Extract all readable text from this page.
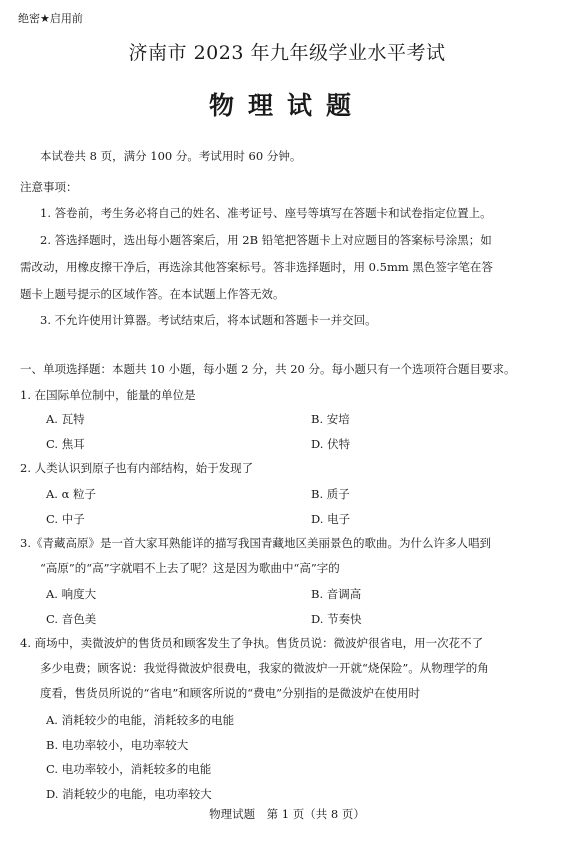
绝密★启用前
济南市 2023 年九年级学业水平考试
物理试题
本试卷共 8 页，满分 100 分。考试用时 60 分钟。
注意事项：
1. 答卷前，考生务必将自己的姓名、准考证号、座号等填写在答题卡和试卷指定位置上。
2. 答选择题时，选出每小题答案后，用 2B 铅笔把答题卡上对应题目的答案标号涂黑；如
需改动，用橡皮擦干净后，再选涂其他答案标号。答非选择题时，用 0.5mm 黑色签字笔在答
题卡上题号提示的区域作答。在本试题上作答无效。
3. 不允许使用计算器。考试结束后，将本试题和答题卡一并交回。
一、单项选择题：本题共 10 小题，每小题 2 分，共 20 分。每小题只有一个选项符合题目要求。
1. 在国际单位制中，能量的单位是
A. 瓦特	B. 安培
C. 焦耳	D. 伏特
2. 人类认识到原子也有内部结构，始于发现了
A. α 粒子	B. 质子
C. 中子	D. 电子
3.《青藏高原》是一首大家耳熟能详的描写我国青藏地区美丽景色的歌曲。为什么许多人唱到
“高原”的“高”字就唱不上去了呢？这是因为歌曲中“高”字的
A. 响度大	B. 音调高
C. 音色美	D. 节奏快
4. 商场中，卖微波炉的售货员和顾客发生了争执。售货员说：微波炉很省电，用一次花不了
多少电费；顾客说：我觉得微波炉很费电，我家的微波炉一开就“烧保险”。从物理学的角
度看，售货员所说的“省电”和顾客所说的“费电”分别指的是微波炉在使用时
A. 消耗较少的电能，消耗较多的电能
B. 电功率较小，电功率较大
C. 电功率较小，消耗较多的电能
D. 消耗较少的电能，电功率较大
物理试题　第 1 页（共 8 页）
